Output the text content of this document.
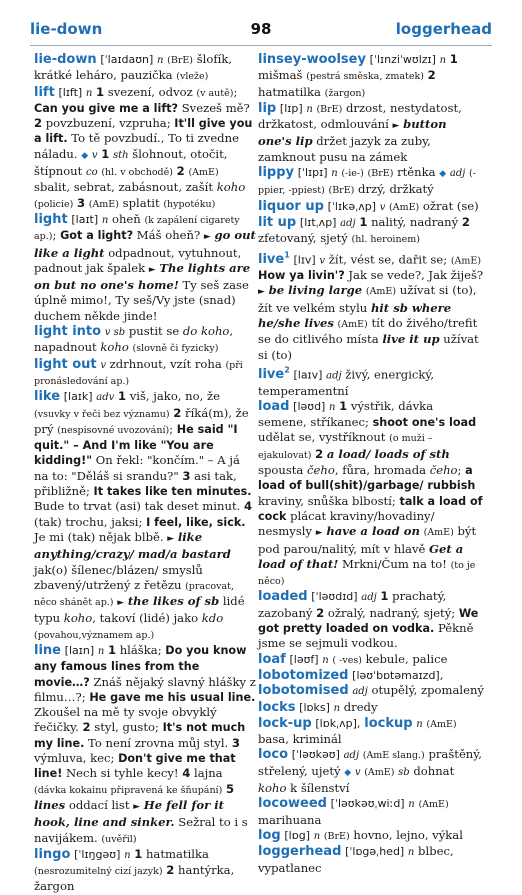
lie-down	98	loggerhead
lie-down [ˈlaɪdaʊn] n (BrE) šlofík, krátké leháro, pauzička (vleže)
lift [lɪft] n 1 svezení, odvoz (v autě); Can you give me a lift? Svezeš mě? 2 povzbuzení, vzpruha; It'll give you a lift. To tě povzbudí., To ti zvedne náladu. ◆ v 1 sth šlohnout, otočit, štípnout co (hl. v obchodě) 2 (AmE) sbalit, sebrat, zabásnout, zašít koho (policie) 3 (AmE) splatit (hypotéku)
light [laɪt] n oheň (k zapálení cigarety ap.); Got a light? Máš oheň? ► go out like a light odpadnout, vytuhnout, padnout jak špalek ► The lights are on but no one's home! Ty seš zase úplně mimo!, Ty seš/Vy jste (snad) duchem někde jinde!
light into v sb pustit se do koho, napadnout koho (slovně či fyzicky)
light out v zdrhnout, vzít roha (při pronásledování ap.)
like [laɪk] adv 1 viš, jako, no, že (vsuvky v řeči bez významu) 2 říká(m), že prý (nespisovné uvozování); He said "I quit." – And I'm like "You are kidding!" On řekl: "končím." – A já na to: "Děláš si srandu?" 3 asi tak, přibližně; It takes like ten minutes. Bude to trvat (asi) tak deset minut. 4 (tak) trochu, jaksi; I feel, like, sick. Je mi (tak) nějak blbě. ► like anything/crazy/ mad/a bastard jak(o) šílenec/blázen/ smyslů zbavený/utržený z řetězu (pracovat, něco shánět ap.) ► the likes of sb lidé typu koho, takoví (lidé) jako kdo (povahou,významem ap.)
line [laɪn] n 1 hláška; Do you know any famous lines from the movie…? Znáš nějaký slavný hlášky z filmu…?; He gave me his usual line. Zkoušel na mě ty svoje obvyklý řečičky. 2 styl, gusto; It's not much my line. To není zrovna můj styl. 3 výmluva, kec; Don't give me that line! Nech si tyhle kecy! 4 lajna (dávka kokainu připravená ke šňupání) 5 lines oddací list ► He fell for it hook, line and sinker. Sežral to i s navijákem. (uvěřil)
lingo [ˈlɪŋgəʊ] n 1 hatmatilka (nesrozumitelný cizí jazyk) 2 hantýrka, žargon
linsey-woolsey [ˈlɪnziˈwʊlzɪ] n 1 mišmaš (pestrá směska, zmatek) 2 hatmatilka (žargon)
lip [lɪp] n (BrE) drzost, nestydatost, držkatost, odmlouvání ► button one's lip držet jazyk za zuby, zamknout pusu na zámek
lippy [ˈlɪpɪ] n (-ie-) (BrE) rtěnka ◆ adj (-ppier, -ppiest) (BrE) drzý, držkatý
liquor up [ˈlɪkəˌʌp] v (AmE) ožrat (se)
lit up [lɪtˌʌp] adj 1 nalitý, nadraný 2 zfetovaný, sjetý (hl. heroinem)
live$^1$ [lɪv] v žít, vést se, dařit se; (AmE) How ya livin'? Jak se vede?, Jak žiješ? ► be living large (AmE) užívat si (to), žít ve velkém stylu hit sb where he/she lives (AmE) tít do živého/trefit se do citlivého místa live it up užívat si (to)
live$^2$ [laɪv] adj živý, energický, temperamentní
load [ləʊd] n 1 výstřik, dávka semene, stříkanec; shoot one's load udělat se, vystříknout (o muži – ejakulovat) 2 a load/ loads of sth spousta čeho, fůra, hromada čeho; a load of bull(shit)/garbage/ rubbish kraviny, snůška blbostí; talk a load of cock plácat kraviny/hovadiny/ nesmysly ► have a load on (AmE) být pod parou/nalitý, mít v hlavě Get a load of that! Mrkni/Čum na to! (to je něco)
loaded [ˈləʊdɪd] adj 1 prachatý, zazobaný 2 ožralý, nadraný, sjetý; We got pretty loaded on vodka. Pěkně jsme se sejmuli vodkou.
loaf [ləʊf] n ( -ves) kebule, palice
lobotomized [ləʊˈbɒtəmaɪzd], lobotomised adj otupělý, zpomalený
locks [lɒks] n dredy
lock-up [lɒkˌʌp], lockup n (AmE) basa, kriminál
loco [ˈləʊkəʊ] adj (AmE slang.) praštěný, střelený, ujetý ◆ v (AmE) sb dohnat koho k šílenství
locoweed [ˈləʊkəʊˌwiːd] n (AmE) marihuana
log [lɒg] n (BrE) hovno, lejno, výkal
loggerhead [ˈlɒgəˌhed] n blbec, vypatlanec
